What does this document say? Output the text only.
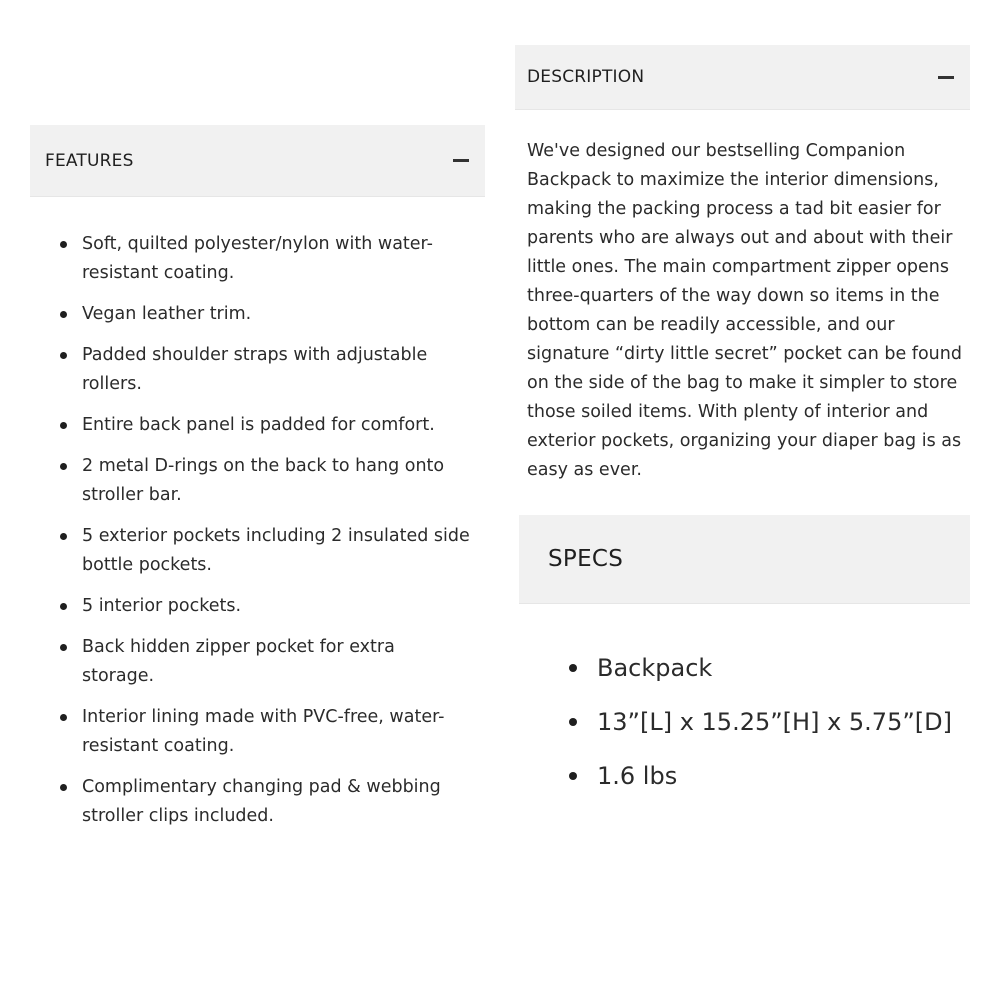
FEATURES
Soft, quilted polyester/nylon with water-resistant coating.
Vegan leather trim.
Padded shoulder straps with adjustable rollers.
Entire back panel is padded for comfort.
2 metal D-rings on the back to hang onto stroller bar.
5 exterior pockets including 2 insulated side bottle pockets.
5 interior pockets.
Back hidden zipper pocket for extra storage.
Interior lining made with PVC-free, water-resistant coating.
Complimentary changing pad & webbing stroller clips included.
DESCRIPTION

We've designed our bestselling Companion Backpack to maximize the interior dimensions, making the packing process a tad bit easier for parents who are always out and about with their little ones. The main compartment zipper opens three-quarters of the way down so items in the bottom can be readily accessible, and our signature “dirty little secret” pocket can be found on the side of the bag to make it simpler to store those soiled items. With plenty of interior and exterior pockets, organizing your diaper bag is as easy as ever.

SPECS
Backpack
13”[L] x 15.25”[H] x 5.75”[D]
1.6 lbs
